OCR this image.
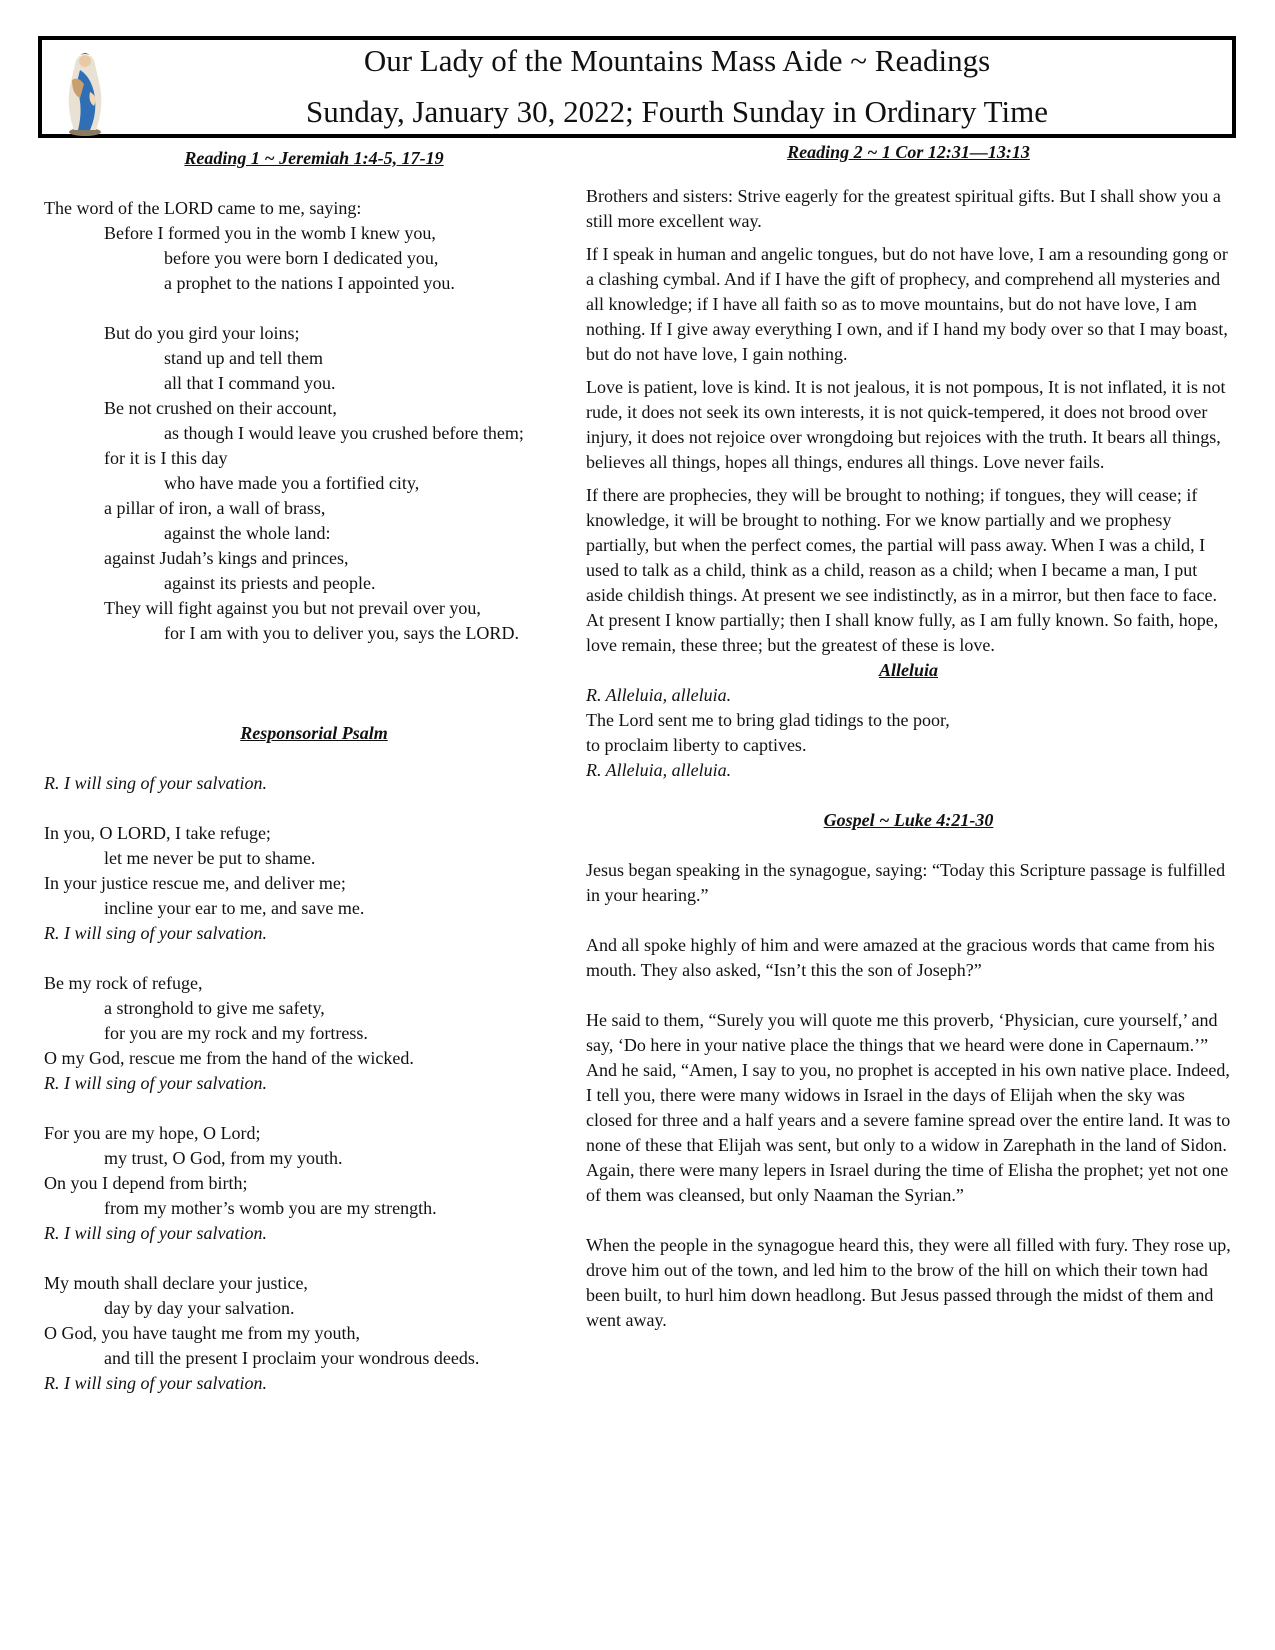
Our Lady of the Mountains Mass Aide ~ Readings
Sunday, January 30, 2022; Fourth Sunday in Ordinary Time
Reading 1 ~ Jeremiah 1:4-5, 17-19
The word of the LORD came to me, saying:
Before I formed you in the womb I knew you,
before you were born I dedicated you,
a prophet to the nations I appointed you.
But do you gird your loins;
stand up and tell them
all that I command you.
Be not crushed on their account,
as though I would leave you crushed before them;
for it is I this day
who have made you a fortified city,
a pillar of iron, a wall of brass,
against the whole land:
against Judah’s kings and princes,
against its priests and people.
They will fight against you but not prevail over you,
for I am with you to deliver you, says the LORD.
Responsorial Psalm
R. I will sing of your salvation.
In you, O LORD, I take refuge;
let me never be put to shame.
In your justice rescue me, and deliver me;
incline your ear to me, and save me.
R. I will sing of your salvation.
Be my rock of refuge,
a stronghold to give me safety,
for you are my rock and my fortress.
O my God, rescue me from the hand of the wicked.
R. I will sing of your salvation.
For you are my hope, O Lord;
my trust, O God, from my youth.
On you I depend from birth;
from my mother’s womb you are my strength.
R. I will sing of your salvation.
My mouth shall declare your justice,
day by day your salvation.
O God, you have taught me from my youth,
and till the present I proclaim your wondrous deeds.
R. I will sing of your salvation.
Reading 2 ~ 1 Cor 12:31—13:13

Brothers and sisters: Strive eagerly for the greatest spiritual gifts. But I shall show you a still more excellent way.

If I speak in human and angelic tongues, but do not have love, I am a resounding gong or a clashing cymbal. And if I have the gift of prophecy, and comprehend all mysteries and all knowledge; if I have all faith so as to move mountains, but do not have love, I am nothing. If I give away everything I own, and if I hand my body over so that I may boast, but do not have love, I gain nothing.

Love is patient, love is kind. It is not jealous, it is not pompous, It is not inflated, it is not rude, it does not seek its own interests, it is not quick-tempered, it does not brood over injury, it does not rejoice over wrongdoing but rejoices with the truth. It bears all things, believes all things, hopes all things, endures all things. Love never fails.

If there are prophecies, they will be brought to nothing; if tongues, they will cease; if knowledge, it will be brought to nothing. For we know partially and we prophesy partially, but when the perfect comes, the partial will pass away. When I was a child, I used to talk as a child, think as a child, reason as a child; when I became a man, I put aside childish things. At present we see indistinctly, as in a mirror, but then face to face. At present I know partially; then I shall know fully, as I am fully known. So faith, hope, love remain, these three; but the greatest of these is love.

Alleluia
R. Alleluia, alleluia.
The Lord sent me to bring glad tidings to the poor,
to proclaim liberty to captives.
R. Alleluia, alleluia.
Gospel ~ Luke 4:21-30

Jesus began speaking in the synagogue, saying: “Today this Scripture passage is fulfilled in your hearing.”

And all spoke highly of him and were amazed at the gracious words that came from his mouth. They also asked, “Isn’t this the son of Joseph?”

He said to them, “Surely you will quote me this proverb, ‘Physician, cure yourself,’ and say, ‘Do here in your native place the things that we heard were done in Capernaum.’” And he said, “Amen, I say to you, no prophet is accepted in his own native place. Indeed, I tell you, there were many widows in Israel in the days of Elijah when the sky was closed for three and a half years and a severe famine spread over the entire land. It was to none of these that Elijah was sent, but only to a widow in Zarephath in the land of Sidon. Again, there were many lepers in Israel during the time of Elisha the prophet; yet not one of them was cleansed, but only Naaman the Syrian.”

When the people in the synagogue heard this, they were all filled with fury. They rose up, drove him out of the town, and led him to the brow of the hill on which their town had been built, to hurl him down headlong. But Jesus passed through the midst of them and went away.
